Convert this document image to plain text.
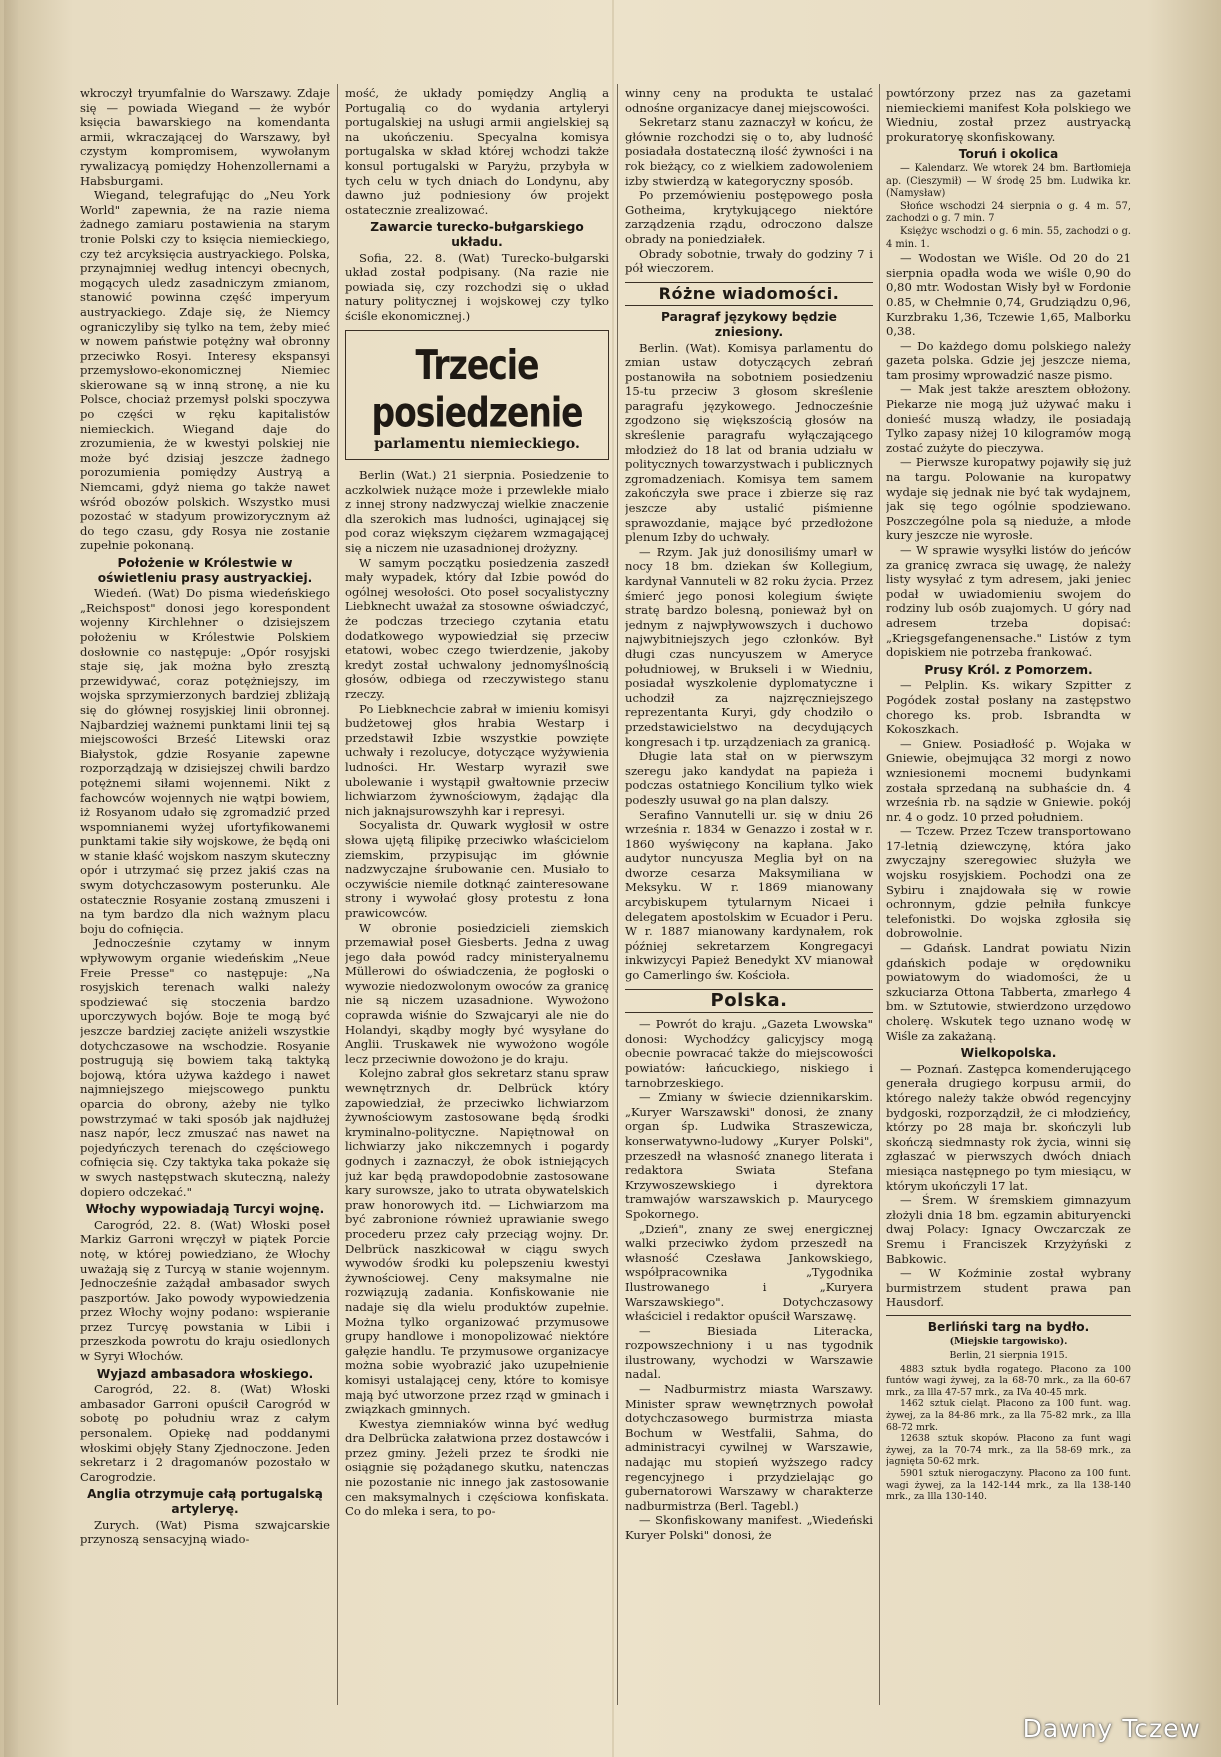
wkroczył tryumfalnie do Warszawy. Zdaje się — powiada Wiegand — że wybór księcia bawarskiego na komendanta armii, wkraczającej do Warszawy, był czystym kompromisem, wywołanym rywalizacyą pomiędzy Hohenzollernami a Habsburgami.

Wiegand, telegrafując do „Neu York World" zapewnia, że na razie niema żadnego zamiaru postawienia na starym tronie Polski czy to księcia niemieckiego, czy też arcyksięcia austryackiego. Polska, przynajmniej według intencyi obecnych, mogących uledz zasadniczym zmianom, stanowić powinna część imperyum austryackiego. Zdaje się, że Niemcy ograniczyliby się tylko na tem, żeby mieć w nowem państwie potężny wał obronny przeciwko Rosyi. Interesy ekspansyi przemysłowo-ekonomicznej Niemiec skierowane są w inną stronę, a nie ku Polsce, chociaż przemysł polski spoczywa po części w ręku kapitalistów niemieckich. Wiegand daje do zrozumienia, że w kwestyi polskiej nie może być dzisiaj jeszcze żadnego porozumienia pomiędzy Austryą a Niemcami, gdyż niema go także nawet wśród obozów polskich. Wszystko musi pozostać w stadyum prowizorycznym aż do tego czasu, gdy Rosya nie zostanie zupełnie pokonaną.

Położenie w Królestwie w oświetleniu prasy austryackiej.

Wiedeń. (Wat) Do pisma wiedeńskiego „Reichspost" donosi jego korespondent wojenny Kirchlehner o dzisiejszem położeniu w Królestwie Polskiem dosłownie co następuje: „Opór rosyjski staje się, jak można było zresztą przewidywać, coraz potężniejszy, im wojska sprzymierzonych bardziej zbliżają się do głównej rosyjskiej linii obronnej. Najbardziej ważnemi punktami linii tej są miejscowości Brześć Litewski oraz Białystok, gdzie Rosyanie zapewne rozporządzają w dzisiejszej chwili bardzo potężnemi siłami wojennemi. Nikt z fachowców wojennych nie wątpi bowiem, iż Rosyanom udało się zgromadzić przed wspomnianemi wyżej ufortyfikowanemi punktami takie siły wojskowe, że będą oni w stanie kłaść wojskom naszym skuteczny opór i utrzymać się przez jakiś czas na swym dotychczasowym posterunku. Ale ostatecznie Rosyanie zostaną zmuszeni i na tym bardzo dla nich ważnym placu boju do cofnięcia.

Jednocześnie czytamy w innym wpływowym organie wiedeńskim „Neue Freie Presse" co następuje: „Na rosyjskich terenach walki należy spodziewać się stoczenia bardzo uporczywych bojów. Boje te mogą być jeszcze bardziej zacięte aniżeli wszystkie dotychczasowe na wschodzie. Rosyanie postrugują się bowiem taką taktyką bojową, która używa każdego i nawet najmniejszego miejscowego punktu oparcia do obrony, ażeby nie tylko powstrzymać w taki sposób jak najdłużej nasz napór, lecz zmuszać nas nawet na pojedyńczych terenach do częściowego cofnięcia się. Czy taktyka taka pokaże się w swych następstwach skuteczną, należy dopiero odczekać."

Włochy wypowiadają Turcyi wojnę.

Carogród, 22. 8. (Wat) Włoski poseł Markiz Garroni wręczył w piątek Porcie notę, w której powiedziano, że Włochy uważają się z Turcyą w stanie wojennym. Jednocześnie zażądał ambasador swych paszportów. Jako powody wypowiedzenia przez Włochy wojny podano: wspieranie przez Turcyę powstania w Libii i przeszkoda powrotu do kraju osiedlonych w Syryi Włochów.

Wyjazd ambasadora włoskiego.

Carogród, 22. 8. (Wat) Włoski ambasador Garroni opuścił Carogród w sobotę po południu wraz z całym personalem. Opiekę nad poddanymi włoskimi objęły Stany Zjednoczone. Jeden sekretarz i 2 dragomanów pozostało w Carogrodzie.

Anglia otrzymuje całą portugalską artyleryę.

Zurych. (Wat) Pisma szwajcarskie przynoszą sensacyjną wiado-

mość, że układy pomiędzy Anglią a Portugalią co do wydania artyleryi portugalskiej na usługi armii angielskiej są na ukończeniu. Specyalna komisya portugalska w skład której wchodzi także konsul portugalski w Paryżu, przybyła w tych celu w tych dniach do Londynu, aby dawno już podniesiony ów projekt ostatecznie zrealizować.

Zawarcie turecko-bułgarskiego układu.

Sofia, 22. 8. (Wat) Turecko-bułgarski układ został podpisany. (Na razie nie powiada się, czy rozchodzi się o układ natury politycznej i wojskowej czy tylko ściśle ekonomicznej.)

Trzecie posiedzenie
parlamentu niemieckiego.

Berlin (Wat.) 21 sierpnia. Posiedzenie to aczkolwiek nużące może i przewlekłe miało z innej strony nadzwyczaj wielkie znaczenie dla szerokich mas ludności, uginającej się pod coraz większym ciężarem wzmagającej się a niczem nie uzasadnionej drożyzny.

W samym początku posiedzenia zaszedł mały wypadek, który dał Izbie powód do ogólnej wesołości. Oto poseł socyalistyczny Liebknecht uważał za stosowne oświadczyć, że podczas trzeciego czytania etatu dodatkowego wypowiedział się przeciw etatowi, wobec czego twierdzenie, jakoby kredyt został uchwalony jednomyślnością głosów, odbiega od rzeczywistego stanu rzeczy.

Po Liebknechcie zabrał w imieniu komisyi budżetowej głos hrabia Westarp i przedstawił Izbie wszystkie powzięte uchwały i rezolucye, dotyczące wyżywienia ludności. Hr. Westarp wyraził swe ubolewanie i wystąpił gwałtownie przeciw lichwiarzom żywnościowym, żądając dla nich jaknajsurowszyhh kar i represyi.

Socyalista dr. Quwark wygłosił w ostre słowa ujętą filipikę przeciwko właścicielom ziemskim, przypisując im głównie nadzwyczajne śrubowanie cen. Musiało to oczywiście niemile dotknąć zainteresowane strony i wywołać głosy protestu z łona prawicowców.

W obronie posiedzicieli ziemskich przemawiał poseł Giesberts. Jedna z uwag jego dała powód radcy ministeryalnemu Müllerowi do oświadczenia, że pogłoski o wywozie niedozwolonym owoców za granicę nie są niczem uzasadnione. Wywożono coprawda wiśnie do Szwajcaryi ale nie do Holandyi, skądby mogły być wysyłane do Anglii. Truskawek nie wywożono wogóle lecz przeciwnie dowożono je do kraju.

Kolejno zabrał głos sekretarz stanu spraw wewnętrznych dr. Delbrück który zapowiedział, że przeciwko lichwiarzom żywnościowym zastosowane będą środki kryminalno-polityczne. Napiętnował on lichwiarzy jako nikczemnych i pogardy godnych i zaznaczył, że obok istniejących już kar będą prawdopodobnie zastosowane kary surowsze, jako to utrata obywatelskich praw honorowych itd. — Lichwiarzom ma być zabronione również uprawianie swego procederu przez cały przeciąg wojny. Dr. Delbrück naszkicował w ciągu swych wywodów środki ku polepszeniu kwestyi żywnościowej. Ceny maksymalne nie rozwiązują zadania. Konfiskowanie nie nadaje się dla wielu produktów zupełnie. Można tylko organizować przymusowe grupy handlowe i monopolizować niektóre gałęzie handlu. Te przymusowe organizacye można sobie wyobrazić jako uzupełnienie komisyi ustalającej ceny, które to komisye mają być utworzone przez rząd w gminach i związkach gminnych.

Kwestya ziemniaków winna być według dra Delbrücka załatwiona przez dostawców i przez gminy. Jeżeli przez te środki nie osiągnie się pożądanego skutku, natenczas nie pozostanie nic innego jak zastosowanie cen maksymalnych i częściowa konfiskata. Co do mleka i sera, to po-

winny ceny na produkta te ustalać odnośne organizacye danej miejscowości.

Sekretarz stanu zaznaczył w końcu, że głównie rozchodzi się o to, aby ludność posiadała dostateczną ilość żywności i na rok bieżący, co z wielkiem zadowoleniem izby stwierdzą w kategoryczny sposób.

Po przemówieniu postępowego posła Gotheima, krytykującego niektóre zarządzenia rządu, odroczono dalsze obrady na poniedziałek.

Obrady sobotnie, trwały do godziny 7 i pół wieczorem.

Różne wiadomości.
Paragraf językowy będzie zniesiony.

Berlin. (Wat). Komisya parlamentu do zmian ustaw dotyczących zebrań postanowiła na sobotniem posiedzeniu 15-tu przeciw 3 głosom skreślenie paragrafu językowego. Jednocześnie zgodzono się większością głosów na skreślenie paragrafu wyłączającego młodzież do 18 lat od brania udziału w politycznych towarzystwach i publicznych zgromadzeniach. Komisya tem samem zakończyła swe prace i zbierze się raz jeszcze aby ustalić piśmienne sprawozdanie, mające być przedłożone plenum Izby do uchwały.

— Rzym. Jak już donosiliśmy umarł w nocy 18 bm. dziekan św Kollegium, kardynał Vannuteli w 82 roku życia. Przez śmierć jego ponosi kolegium święte stratę bardzo bolesną, ponieważ był on jednym z najwpływowszych i duchowo najwybitniejszych jego członków. Był długi czas nuncyuszem w Ameryce południowej, w Brukseli i w Wiedniu, posiadał wyszkolenie dyplomatyczne i uchodził za najzręczniejszego reprezentanta Kuryi, gdy chodziło o przedstawicielstwo na decydujących kongresach i tp. urządzeniach za granicą.

Długie lata stał on w pierwszym szeregu jako kandydat na papieża i podczas ostatniego Koncilium tylko wiek podeszły usuwał go na plan dalszy.

Serafino Vannutelli ur. się w dniu 26 września r. 1834 w Genazzo i został w r. 1860 wyświęcony na kapłana. Jako audytor nuncyusza Meglia był on na dworze cesarza Maksymiliana w Meksyku. W r. 1869 mianowany arcybiskupem tytularnym Nicaei i delegatem apostolskim w Ecuador i Peru. W r. 1887 mianowany kardynałem, rok później sekretarzem Kongregacyi inkwizycyi Papież Benedykt XV mianował go Camerlingo św. Kościoła.

Polska.

— Powrót do kraju. „Gazeta Lwowska" donosi: Wychodźcy galicyjscy mogą obecnie powracać także do miejscowości powiatów: łańcuckiego, niskiego i tarnobrzeskiego.

— Zmiany w świecie dziennikarskim. „Kuryer Warszawski" donosi, że znany organ śp. Ludwika Straszewicza, konserwatywno-ludowy „Kuryer Polski", przeszedł na własność znanego literata i redaktora Swiata Stefana Krzywoszewskiego i dyrektora tramwajów warszawskich p. Maurycego Spokornego.

„Dzień", znany ze swej energicznej walki przeciwko żydom przeszedł na własność Czesława Jankowskiego, współpracownika „Tygodnika Ilustrowanego i „Kuryera Warszawskiego". Dotychczasowy właściciel i redaktor opuścił Warszawę.

— Biesiada Literacka, rozpowszechniony i u nas tygodnik ilustrowany, wychodzi w Warszawie nadal.

— Nadburmistrz miasta Warszawy. Minister spraw wewnętrznych powołał dotychczasowego burmistrza miasta Bochum w Westfalii, Sahma, do administracyi cywilnej w Warszawie, nadając mu stopień wyższego radcy regencyjnego i przydzielając go gubernatorowi Warszawy w charakterze nadburmistrza (Berl. Tagebl.)

— Skonfiskowany manifest. „Wiedeński Kuryer Polski" donosi, że

powtórzony przez nas za gazetami niemieckiemi manifest Koła polskiego we Wiedniu, został przez austryacką prokuratoryę skonfiskowany.

Toruń i okolica

— Kalendarz. We wtorek 24 bm. Bartłomieja ap. (Cieszymił) — W środę 25 bm. Ludwika kr. (Namysław)

Słońce wschodzi 24 sierpnia o g. 4 m. 57, zachodzi o g. 7 min. 7

Księżyc wschodzi o g. 6 min. 55, zachodzi o g. 4 min. 1.

— Wodostan we Wiśle. Od 20 do 21 sierpnia opadła woda we wiśle 0,90 do 0,80 mtr. Wodostan Wisły był w Fordonie 0.85, w Chełmnie 0,74, Grudziądzu 0,96, Kurzbraku 1,36, Tczewie 1,65, Malborku 0,38.

— Do każdego domu polskiego należy gazeta polska. Gdzie jej jeszcze niema, tam prosimy wprowadzić nasze pismo.

— Mak jest także aresztem obłożony. Piekarze nie mogą już używać maku i donieść muszą władzy, ile posiadają Tylko zapasy niżej 10 kilogramów mogą zostać zużyte do pieczywa.

— Pierwsze kuropatwy pojawiły się już na targu. Polowanie na kuropatwy wydaje się jednak nie być tak wydajnem, jak się tego ogólnie spodziewano. Poszczególne pola są nieduże, a młode kury jeszcze nie wyrosłe.

— W sprawie wysyłki listów do jeńców za granicę zwraca się uwagę, że należy listy wysyłać z tym adresem, jaki jeniec podał w uwiadomieniu swojem do rodziny lub osób zuajomych. U góry nad adresem trzeba dopisać: „Kriegsgefangenensache." Listów z tym dopiskiem nie potrzeba frankować.

Prusy Król. z Pomorzem.

— Pelplin. Ks. wikary Szpitter z Pogódek został posłany na zastępstwo chorego ks. prob. Isbrandta w Kokoszkach.

— Gniew. Posiadłość p. Wojaka w Gniewie, obejmująca 32 morgi z nowo wzniesionemi mocnemi budynkami została sprzedaną na subhaście dn. 4 września rb. na sądzie w Gniewie. pokój nr. 4 o godz. 10 przed południem.

— Tczew. Przez Tczew transportowano 17-letnią dziewczynę, która jako zwyczajny szeregowiec służyła we wojsku rosyjskiem. Pochodzi ona ze Sybiru i znajdowała się w rowie ochronnym, gdzie pełniła funkcye telefonistki. Do wojska zgłosiła się dobrowolnie.

— Gdańsk. Landrat powiatu Nizin gdańskich podaje w orędowniku powiatowym do wiadomości, że u szkuciarza Ottona Tabberta, zmarłego 4 bm. w Sztutowie, stwierdzono urzędowo cholerę. Wskutek tego uznano wodę w Wiśle za zakażaną.

Wielkopolska.

— Poznań. Zastępca komenderującego generała drugiego korpusu armii, do którego należy także obwód regencyjny bydgoski, rozporządził, że ci młodzieńcy, którzy po 28 maja br. skończyli lub skończą siedmnasty rok życia, winni się zgłaszać w pierwszych dwóch dniach miesiąca następnego po tym miesiącu, w którym ukończyli 17 lat.

— Śrem. W śremskiem gimnazyum złożyli dnia 18 bm. egzamin abituryencki dwaj Polacy: Ignacy Owczarczak ze Sremu i Franciszek Krzyżyński z Babkowic.

— W Koźminie został wybrany burmistrzem student prawa pan Hausdorf.

Berliński targ na bydło.
(Miejskie targowisko).
Berlin, 21 sierpnia 1915.

4883 sztuk bydła rogatego. Płacono za 100 funtów wagi żywej, za la 68-70 mrk., za lla 60-67 mrk., za llla 47-57 mrk., za IVa 40-45 mrk.

1462 sztuk cieląt. Płacono za 100 funt. wag. żywej, za la 84-86 mrk., za lla 75-82 mrk., za llla 68-72 mrk.

12638 sztuk skopów. Płacono za funt wagi żywej, za la 70-74 mrk., za lla 58-69 mrk., za jagnięta 50-62 mrk.

5901 sztuk nierogaczyny. Płacono za 100 funt. wagi żywej, za la 142-144 mrk., za lla 138-140 mrk., za llla 130-140.

Dawny Tczew
